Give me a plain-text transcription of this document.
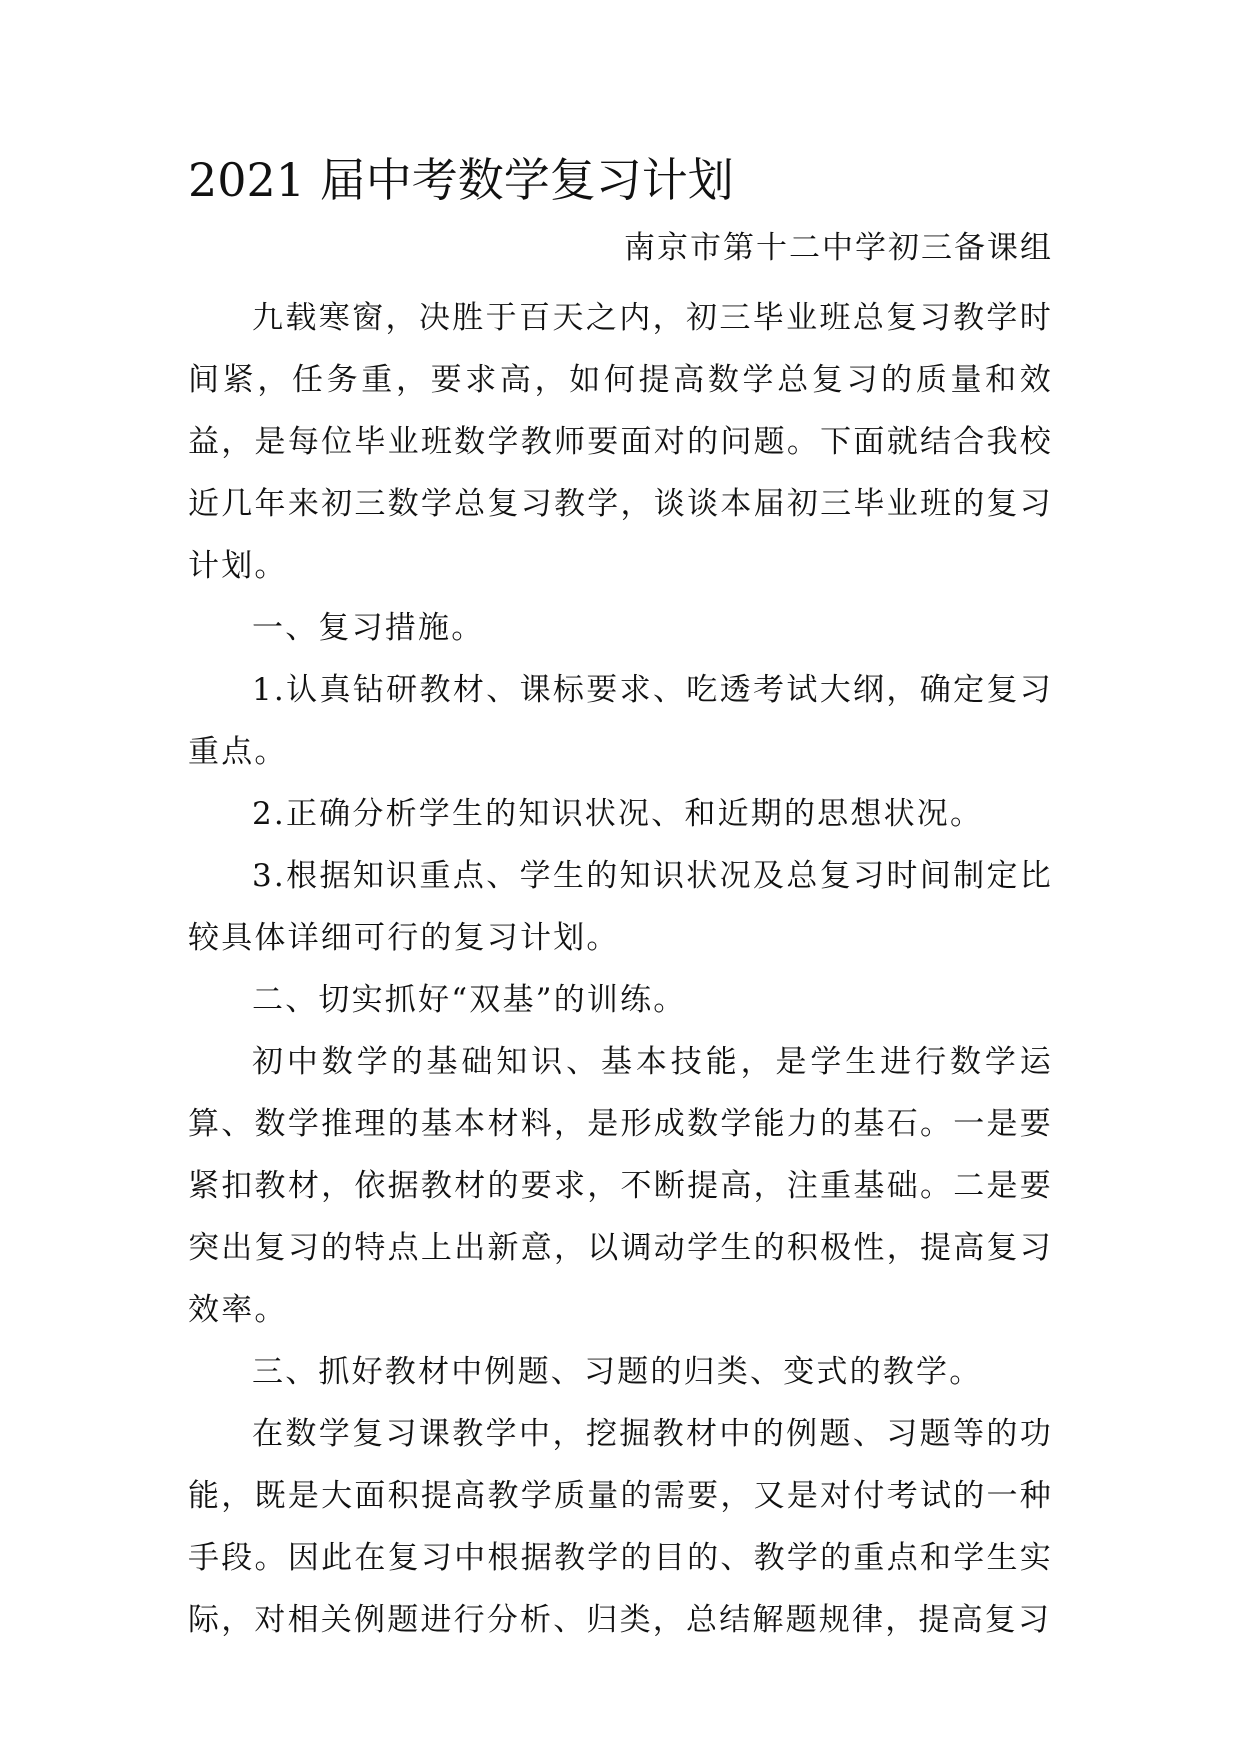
2021 届中考数学复习计划
南京市第十二中学初三备课组

九载寒窗，决胜于百天之内，初三毕业班总复习教学时间紧，任务重，要求高，如何提高数学总复习的质量和效益，是每位毕业班数学教师要面对的问题。下面就结合我校近几年来初三数学总复习教学，谈谈本届初三毕业班的复习计划。

一、复习措施。

1.认真钻研教材、课标要求、吃透考试大纲，确定复习重点。

2.正确分析学生的知识状况、和近期的思想状况。

3.根据知识重点、学生的知识状况及总复习时间制定比较具体详细可行的复习计划。

二、切实抓好“双基”的训练。

初中数学的基础知识、基本技能，是学生进行数学运算、数学推理的基本材料，是形成数学能力的基石。一是要紧扣教材，依据教材的要求，不断提高，注重基础。二是要突出复习的特点上出新意，以调动学生的积极性，提高复习效率。

三、抓好教材中例题、习题的归类、变式的教学。

在数学复习课教学中，挖掘教材中的例题、习题等的功能，既是大面积提高教学质量的需要，又是对付考试的一种手段。因此在复习中根据教学的目的、教学的重点和学生实际，对相关例题进行分析、归类，总结解题规律，提高复习
